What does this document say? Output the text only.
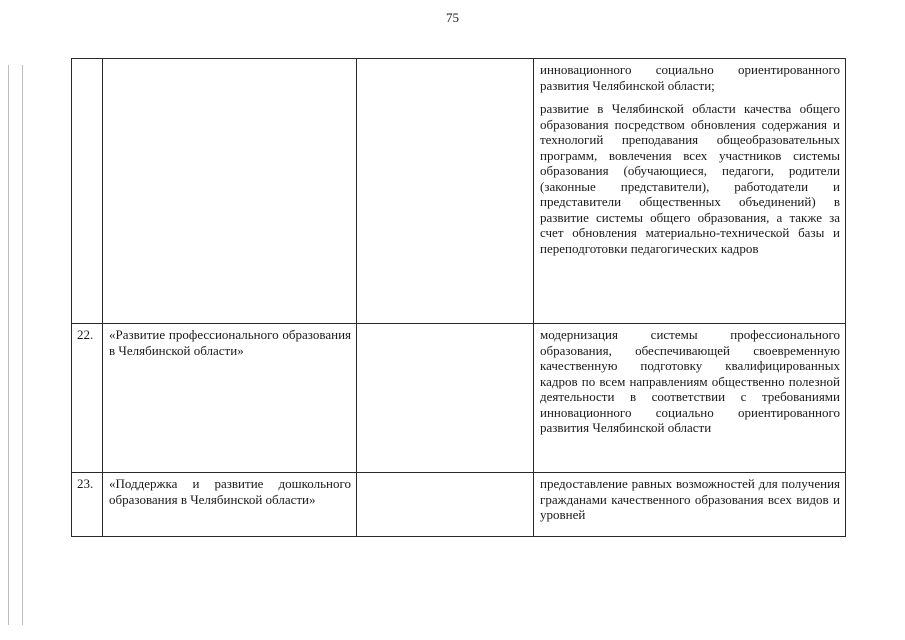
75

			инновационного социально ориентированного развития Челябинской области;

развитие в Челябинской области качества общего образования посредством обновления содержания и технологий преподавания общеобразовательных программ, вовлечения всех участников системы образования (обучающиеся, педагоги, родители (законные представители), работодатели и представители общественных объединений) в развитие системы общего образования, а также за счет обновления материально-технической базы и переподготовки педагогических кадров

22.	«Развитие профессионального образования в Челябинской области»		модернизация системы профессионального образования, обеспечивающей своевременную качественную подготовку квалифицированных кадров по всем направлениям общественно полезной деятельности в соответствии с требованиями инновационного социально ориентированного развития Челябинской области

23.	«Поддержка и развитие дошкольного образования в Челябинской области»		предоставление равных возможностей для получения гражданами качественного образования всех видов и уровней
